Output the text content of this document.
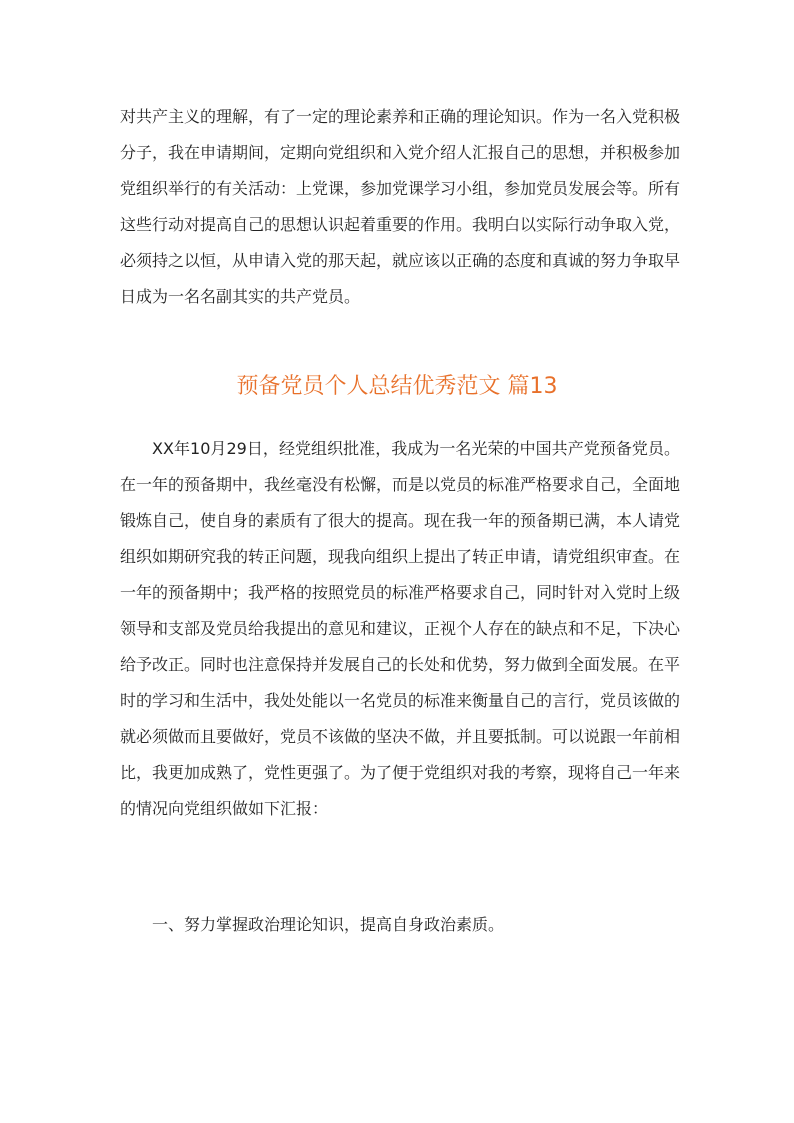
对共产主义的理解，有了一定的理论素养和正确的理论知识。作为一名入党积极
分子，我在申请期间，定期向党组织和入党介绍人汇报自己的思想，并积极参加
党组织举行的有关活动：上党课，参加党课学习小组，参加党员发展会等。所有
这些行动对提高自己的思想认识起着重要的作用。我明白以实际行动争取入党，
必须持之以恒，从申请入党的那天起，就应该以正确的态度和真诚的努力争取早
日成为一名名副其实的共产党员。
预备党员个人总结优秀范文 篇13
XX年10月29日，经党组织批准，我成为一名光荣的中国共产党预备党员。
在一年的预备期中，我丝毫没有松懈，而是以党员的标准严格要求自己，全面地
锻炼自己，使自身的素质有了很大的提高。现在我一年的预备期已满，本人请党
组织如期研究我的转正问题，现我向组织上提出了转正申请，请党组织审查。在
一年的预备期中；我严格的按照党员的标准严格要求自己，同时针对入党时上级
领导和支部及党员给我提出的意见和建议，正视个人存在的缺点和不足，下决心
给予改正。同时也注意保持并发展自己的长处和优势，努力做到全面发展。在平
时的学习和生活中，我处处能以一名党员的标准来衡量自己的言行，党员该做的
就必须做而且要做好，党员不该做的坚决不做，并且要抵制。可以说跟一年前相
比，我更加成熟了，党性更强了。为了便于党组织对我的考察，现将自己一年来
的情况向党组织做如下汇报：
一、努力掌握政治理论知识，提高自身政治素质。
